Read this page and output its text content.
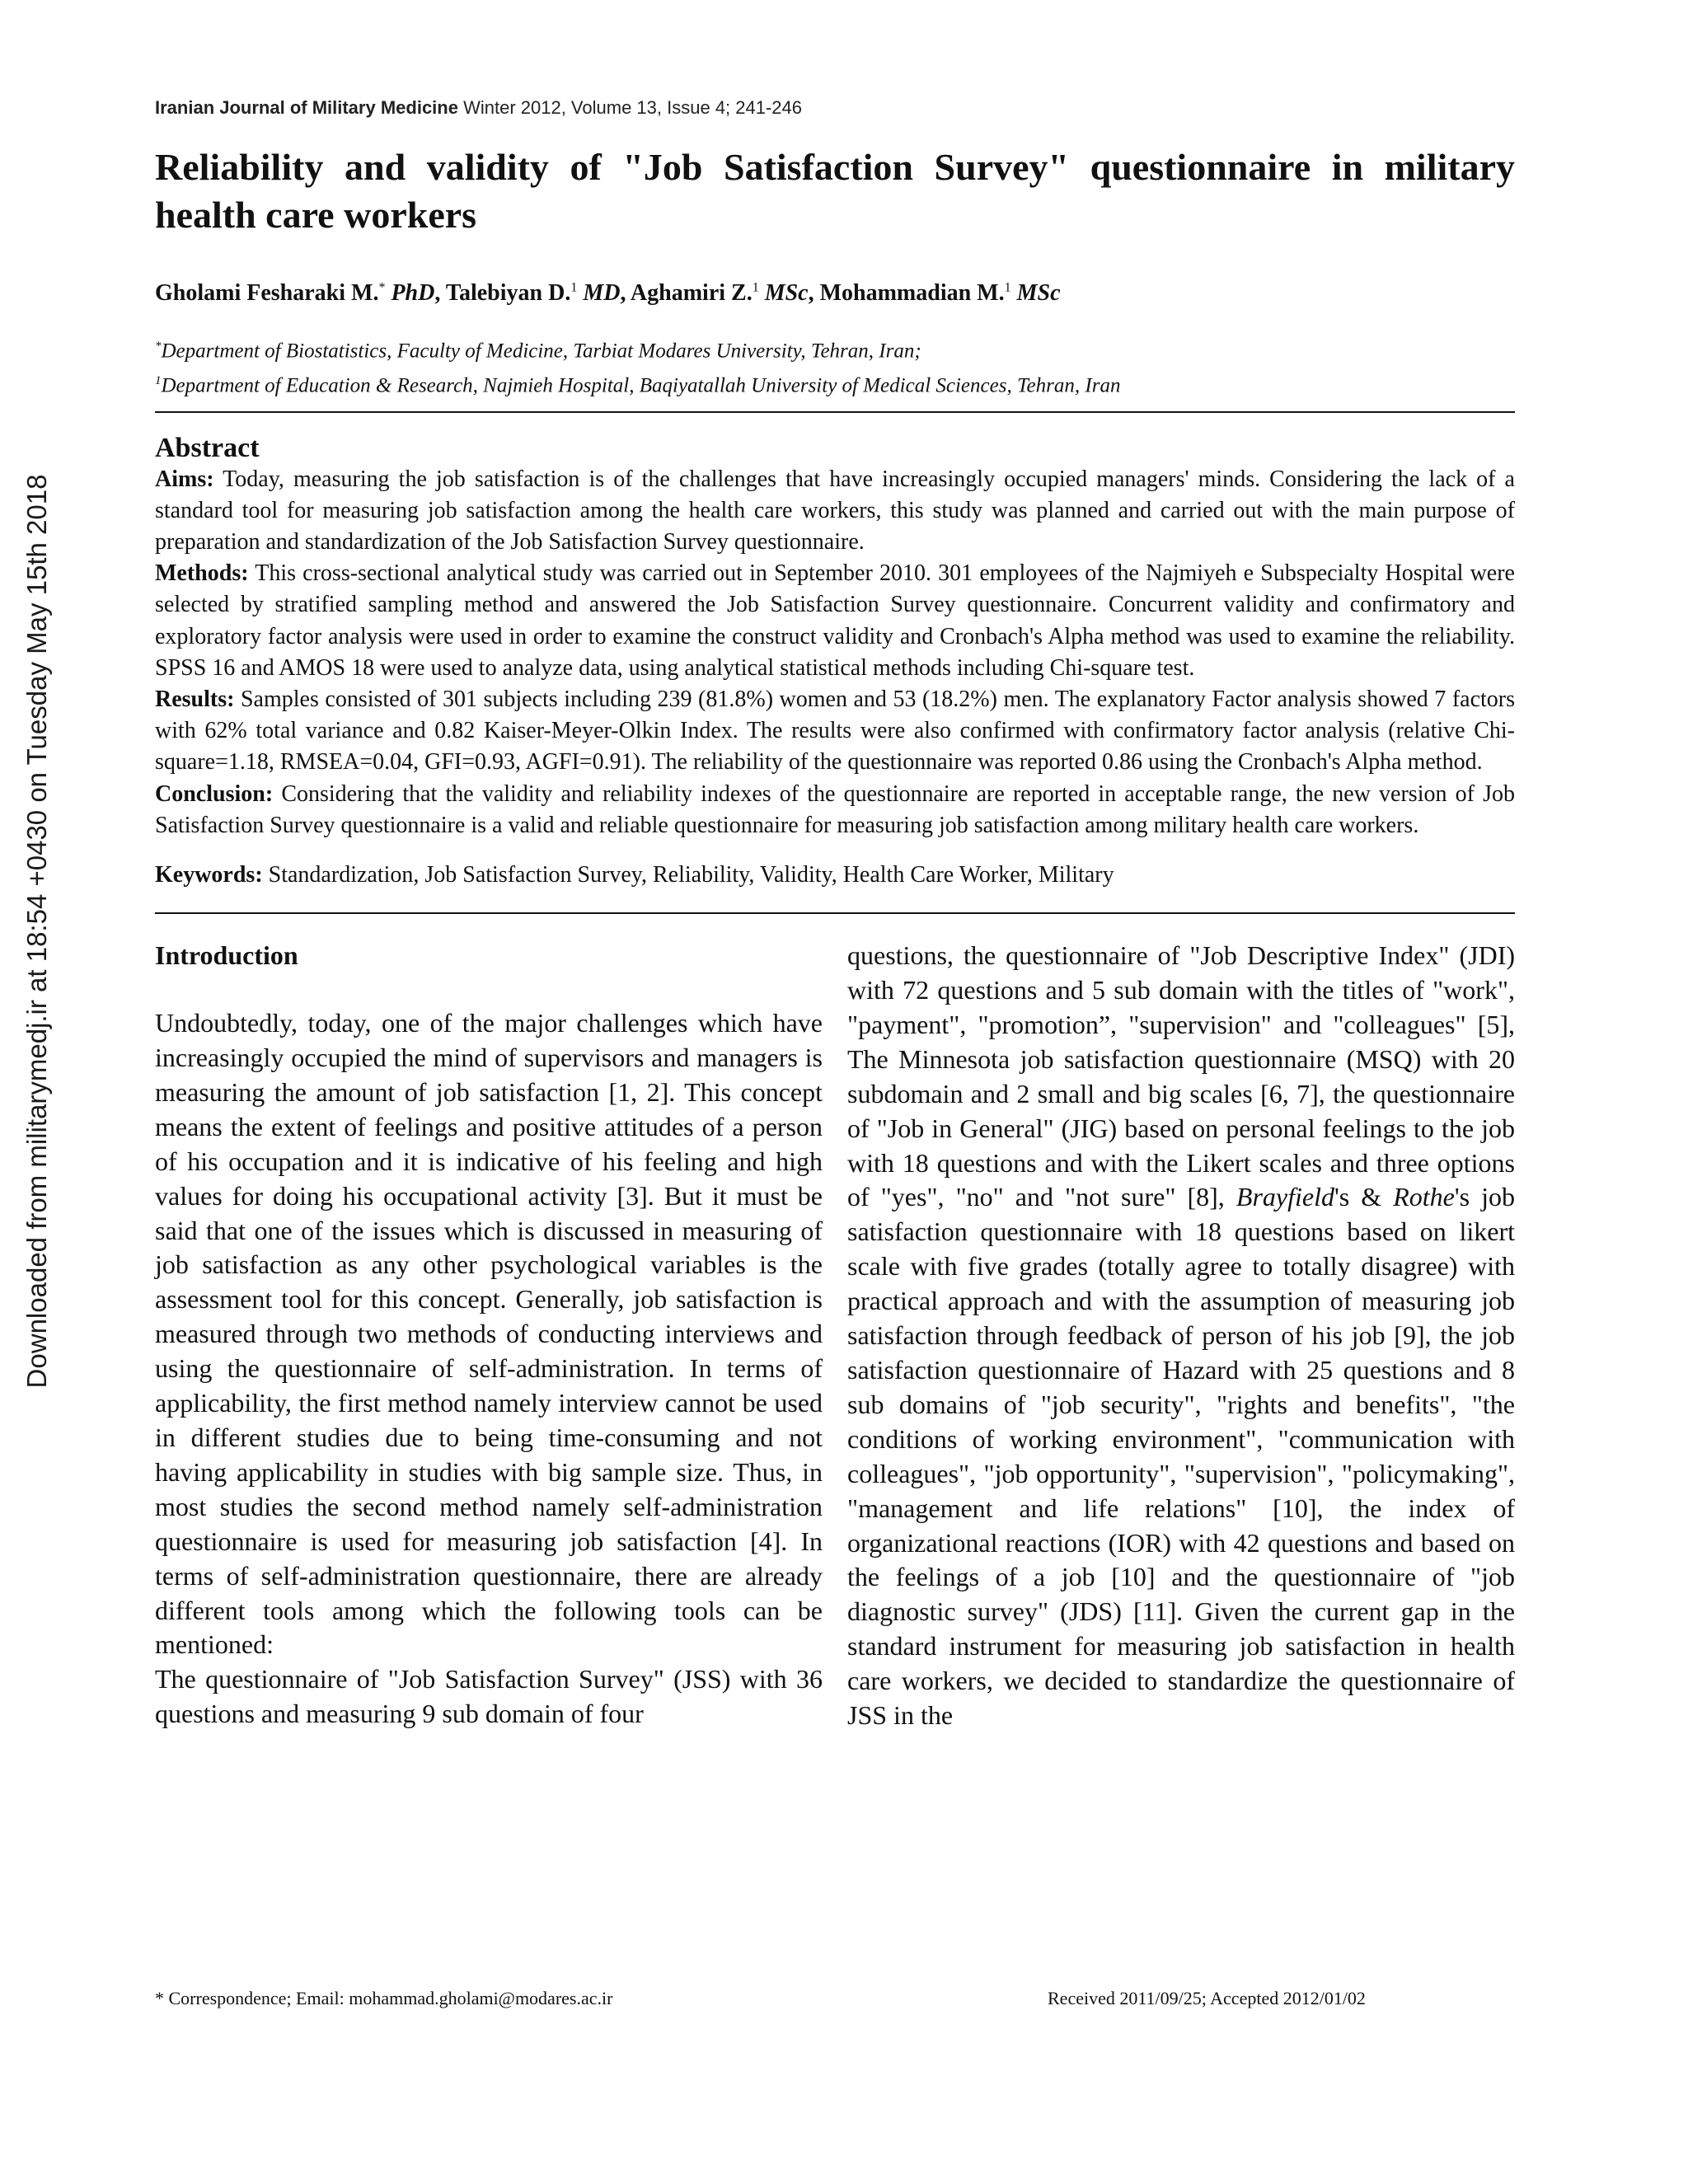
Downloaded from militarymedj.ir at 18:54 +0430 on Tuesday May 15th 2018
Iranian Journal of Military Medicine Winter 2012, Volume 13, Issue 4; 241-246
Reliability and validity of "Job Satisfaction Survey" questionnaire in military health care workers
Gholami Fesharaki M.* PhD, Talebiyan D.$^1$ MD, Aghamiri Z.$^1$ MSc, Mohammadian M.$^1$ MSc
*Department of Biostatistics, Faculty of Medicine, Tarbiat Modares University, Tehran, Iran;
$^1$Department of Education & Research, Najmieh Hospital, Baqiyatallah University of Medical Sciences, Tehran, Iran
Abstract

Aims: Today, measuring the job satisfaction is of the challenges that have increasingly occupied managers' minds. Considering the lack of a standard tool for measuring job satisfaction among the health care workers, this study was planned and carried out with the main purpose of preparation and standardization of the Job Satisfaction Survey questionnaire.

Methods: This cross-sectional analytical study was carried out in September 2010. 301 employees of the Najmiyeh e Subspecialty Hospital were selected by stratified sampling method and answered the Job Satisfaction Survey questionnaire. Concurrent validity and confirmatory and exploratory factor analysis were used in order to examine the construct validity and Cronbach's Alpha method was used to examine the reliability. SPSS 16 and AMOS 18 were used to analyze data, using analytical statistical methods including Chi-square test.

Results: Samples consisted of 301 subjects including 239 (81.8%) women and 53 (18.2%) men. The explanatory Factor analysis showed 7 factors with 62% total variance and 0.82 Kaiser-Meyer-Olkin Index. The results were also confirmed with confirmatory factor analysis (relative Chi-square=1.18, RMSEA=0.04, GFI=0.93, AGFI=0.91). The reliability of the questionnaire was reported 0.86 using the Cronbach's Alpha method.

Conclusion: Considering that the validity and reliability indexes of the questionnaire are reported in acceptable range, the new version of Job Satisfaction Survey questionnaire is a valid and reliable questionnaire for measuring job satisfaction among military health care workers.

Keywords: Standardization, Job Satisfaction Survey, Reliability, Validity, Health Care Worker, Military
Introduction

Undoubtedly, today, one of the major challenges which have increasingly occupied the mind of supervisors and managers is measuring the amount of job satisfaction [1, 2]. This concept means the extent of feelings and positive attitudes of a person of his occupation and it is indicative of his feeling and high values for doing his occupational activity [3]. But it must be said that one of the issues which is discussed in measuring of job satisfaction as any other psychological variables is the assessment tool for this concept. Generally, job satisfaction is measured through two methods of conducting interviews and using the questionnaire of self-administration. In terms of applicability, the first method namely interview cannot be used in different studies due to being time-consuming and not having applicability in studies with big sample size. Thus, in most studies the second method namely self-administration questionnaire is used for measuring job satisfaction [4]. In terms of self-administration questionnaire, there are already different tools among which the following tools can be mentioned:

The questionnaire of "Job Satisfaction Survey" (JSS) with 36 questions and measuring 9 sub domain of four

questions, the questionnaire of "Job Descriptive Index" (JDI) with 72 questions and 5 sub domain with the titles of "work", "payment", "promotion”, "supervision" and "colleagues" [5], The Minnesota job satisfaction questionnaire (MSQ) with 20 subdomain and 2 small and big scales [6, 7], the questionnaire of "Job in General" (JIG) based on personal feelings to the job with 18 questions and with the Likert scales and three options of "yes", "no" and "not sure" [8], Brayfield's & Rothe's job satisfaction questionnaire with 18 questions based on likert scale with five grades (totally agree to totally disagree) with practical approach and with the assumption of measuring job satisfaction through feedback of person of his job [9], the job satisfaction questionnaire of Hazard with 25 questions and 8 sub domains of "job security", "rights and benefits", "the conditions of working environment", "communication with colleagues", "job opportunity", "supervision", "policymaking", "management and life relations" [10], the index of organizational reactions (IOR) with 42 questions and based on the feelings of a job [10] and the questionnaire of "job diagnostic survey" (JDS) [11]. Given the current gap in the standard instrument for measuring job satisfaction in health care workers, we decided to standardize the questionnaire of JSS in the

* Correspondence; Email: mohammad.gholami@modares.ac.ir	Received 2011/09/25; Accepted 2012/01/02
